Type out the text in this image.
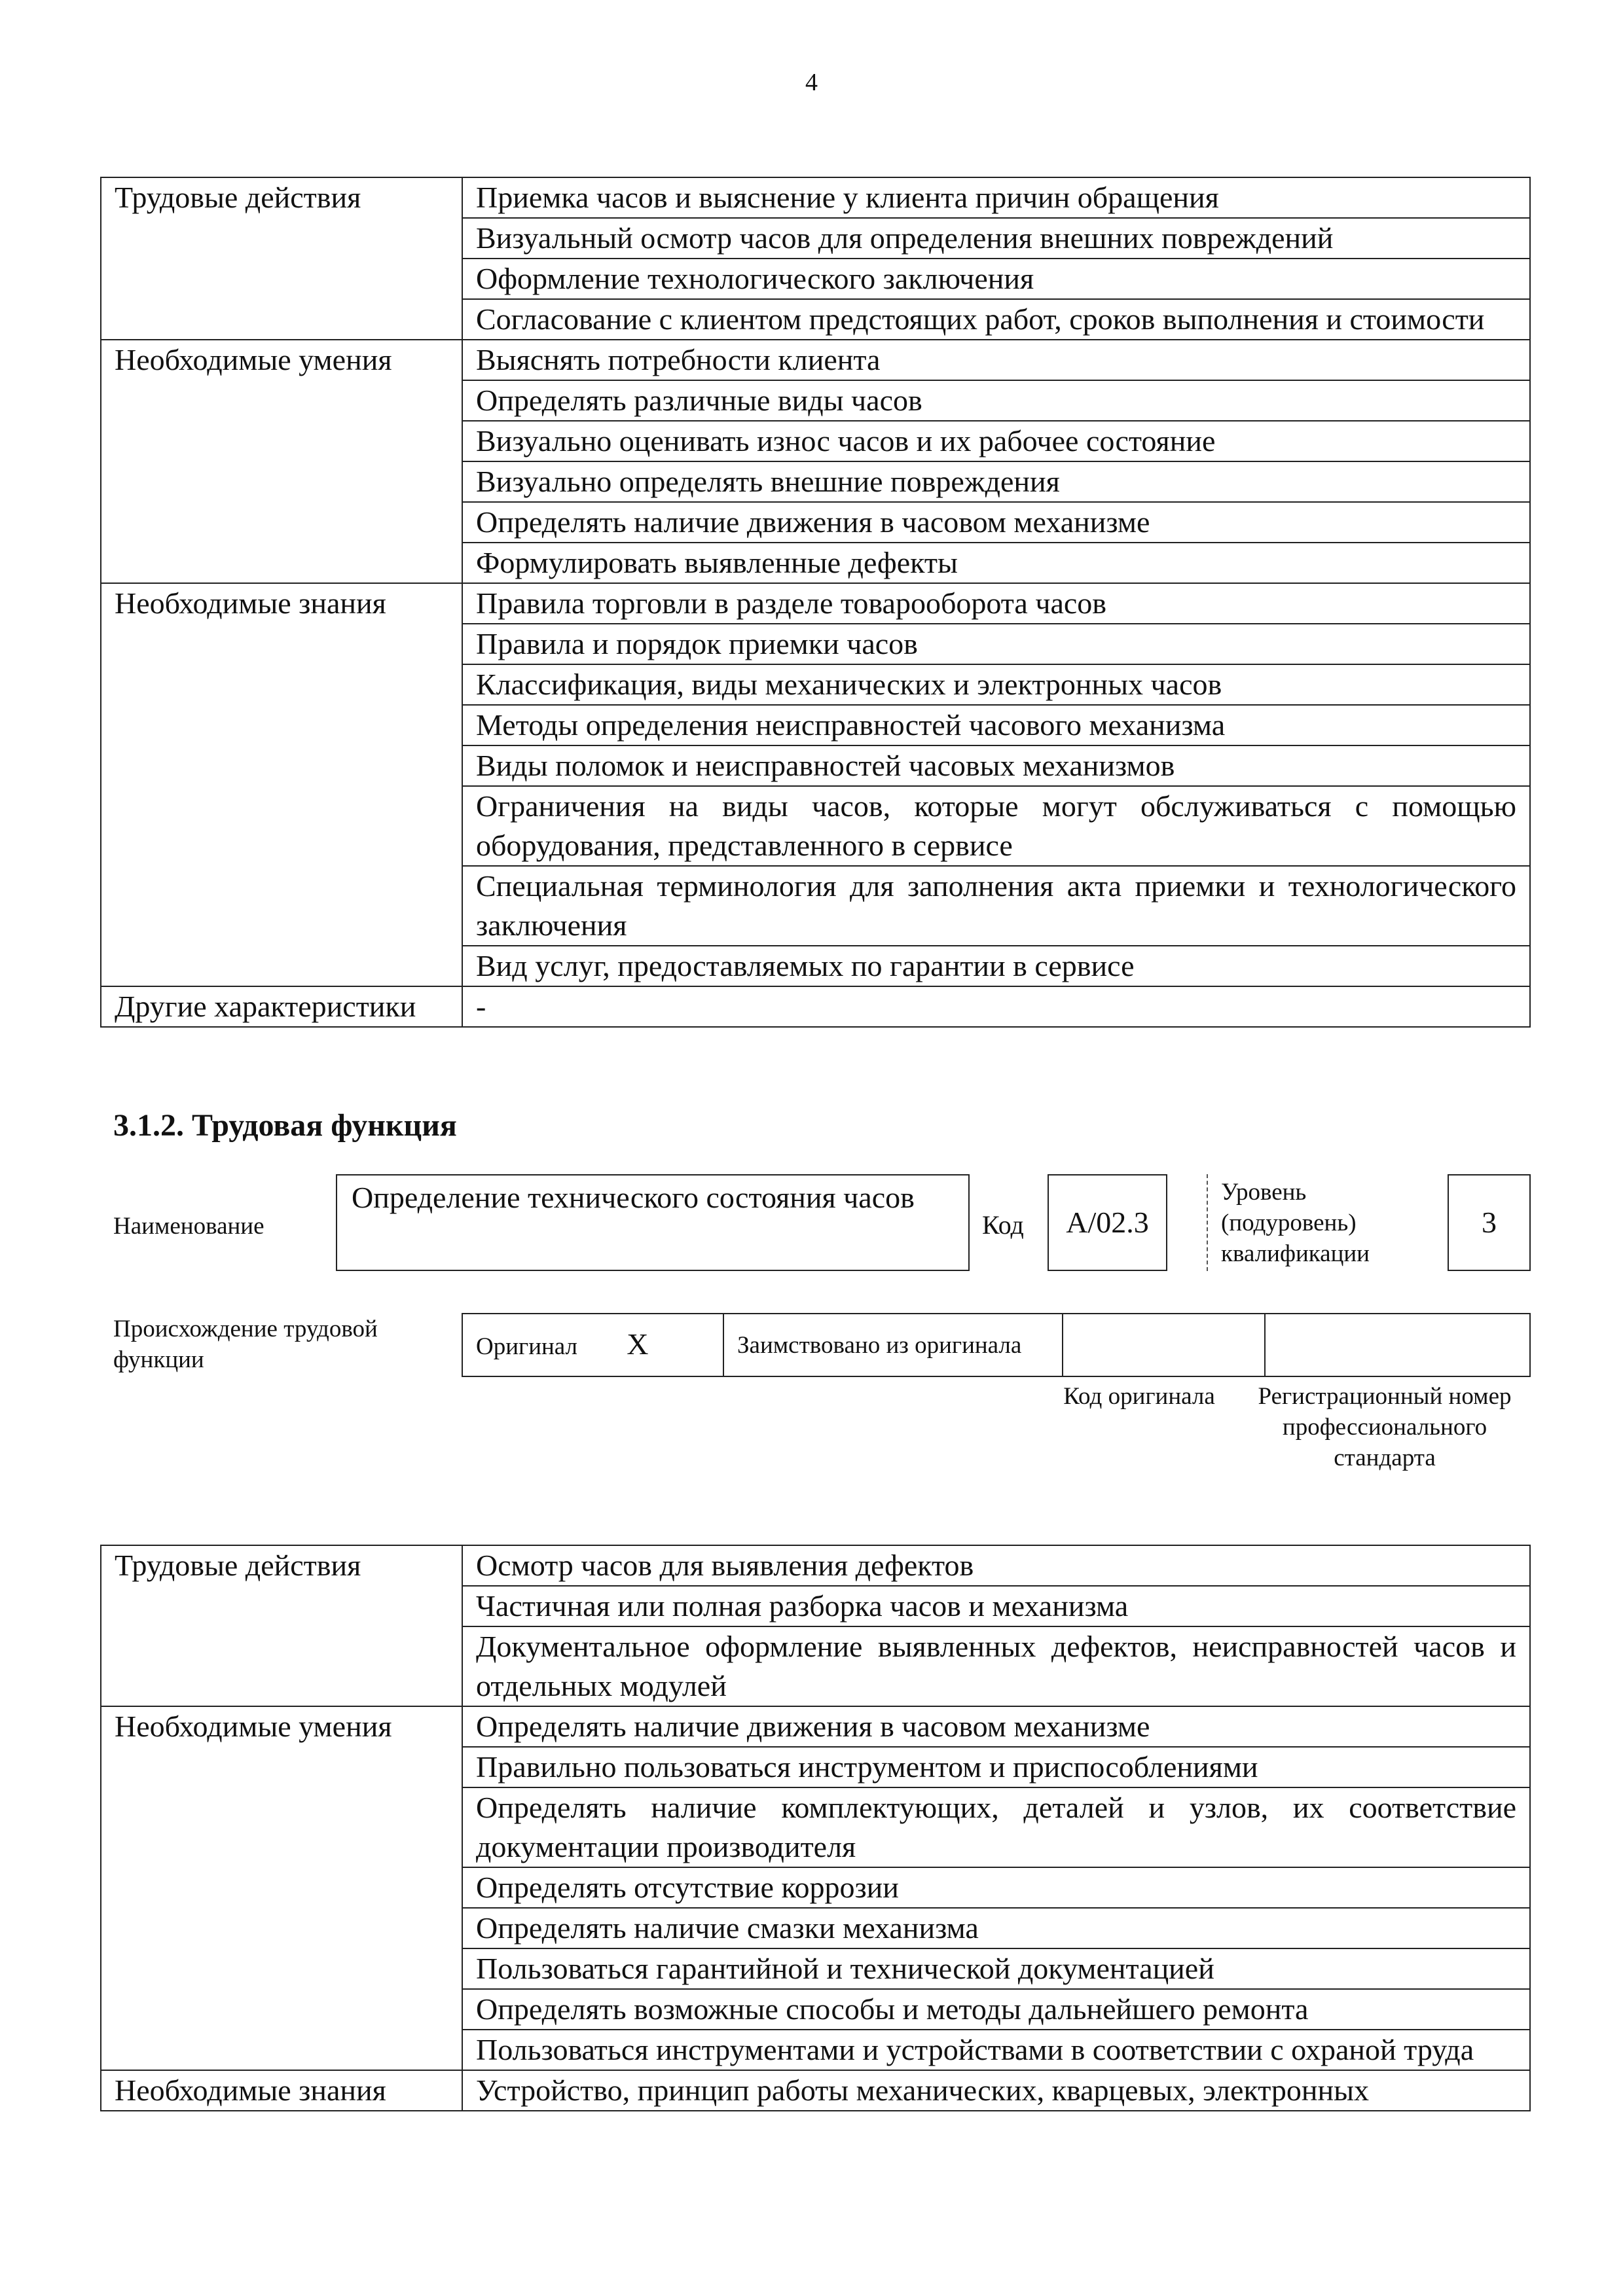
4
Трудовые действия	Приемка часов и выяснение у клиента причин обращения
	Визуальный осмотр часов для определения внешних повреждений
	Оформление технологического заключения
	Согласование с клиентом предстоящих работ, сроков выполнения и стоимости
Необходимые умения	Выяснять потребности клиента
	Определять различные виды часов
	Визуально оценивать износ часов и их рабочее состояние
	Визуально определять внешние повреждения
	Определять наличие движения в часовом механизме
	Формулировать выявленные дефекты
Необходимые знания	Правила торговли в разделе товарооборота часов
	Правила и порядок приемки часов
	Классификация, виды механических и электронных часов
	Методы определения неисправностей часового механизма
	Виды поломок и неисправностей часовых механизмов
	Ограничения на виды часов, которые могут обслуживаться с помощью оборудования, представленного в сервисе
	Специальная терминология для заполнения акта приемки и технологического заключения
	Вид услуг, предоставляемых по гарантии в сервисе
Другие характеристики	-
3.1.2. Трудовая функция
Наименование
Определение технического состояния часов
Код	А/02.3
Уровень (подуровень) квалификации
3
Происхождение трудовой функции	Оригинал X	Заимствовано из оригинала		
Код оригинала	Регистрационный номер профессионального стандарта
Трудовые действия	Осмотр часов для выявления дефектов
	Частичная или полная разборка часов и механизма
	Документальное оформление выявленных дефектов, неисправностей часов и отдельных модулей
Необходимые умения	Определять наличие движения в часовом механизме
	Правильно пользоваться инструментом и приспособлениями
	Определять наличие комплектующих, деталей и узлов, их соответствие документации производителя
	Определять отсутствие коррозии
	Определять наличие смазки механизма
	Пользоваться гарантийной и технической документацией
	Определять возможные способы и методы дальнейшего ремонта
	Пользоваться инструментами и устройствами в соответствии с охраной труда
Необходимые знания	Устройство, принцип работы механических, кварцевых, электронных
